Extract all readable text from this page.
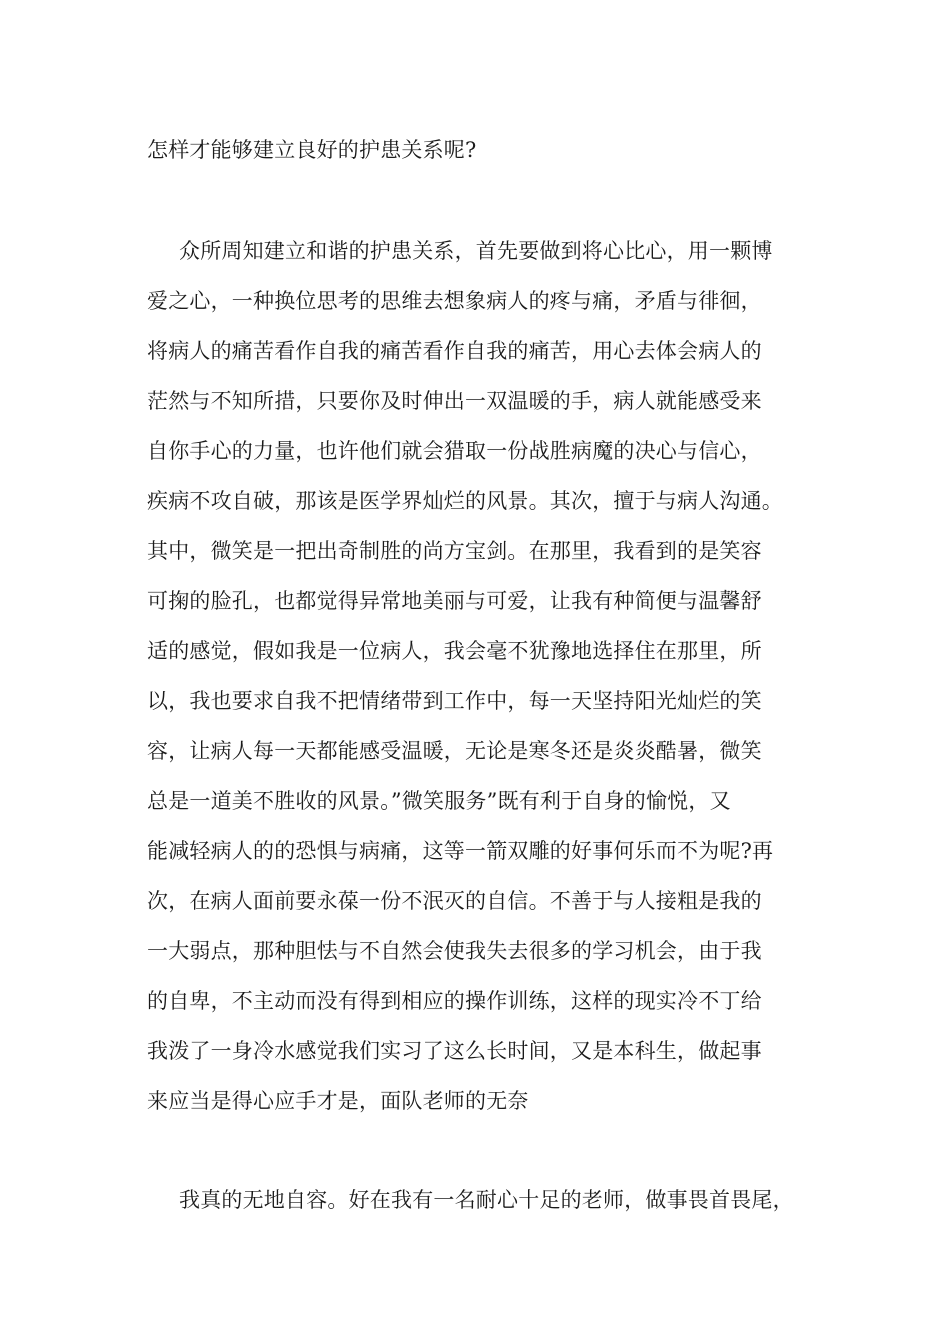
怎样才能够建立良好的护患关系呢?
众所周知建立和谐的护患关系，首先要做到将心比心，用一颗博
爱之心，一种换位思考的思维去想象病人的疼与痛，矛盾与徘徊，
将病人的痛苦看作自我的痛苦看作自我的痛苦，用心去体会病人的
茫然与不知所措，只要你及时伸出一双温暖的手，病人就能感受来
自你手心的力量，也许他们就会猎取一份战胜病魔的决心与信心，
疾病不攻自破，那该是医学界灿烂的风景。其次，擅于与病人沟通。
其中，微笑是一把出奇制胜的尚方宝剑。在那里，我看到的是笑容
可掬的脸孔，也都觉得异常地美丽与可爱，让我有种简便与温馨舒
适的感觉，假如我是一位病人，我会毫不犹豫地选择住在那里，所
以，我也要求自我不把情绪带到工作中，每一天坚持阳光灿烂的笑
容，让病人每一天都能感受温暖，无论是寒冬还是炎炎酷暑，微笑
总是一道美不胜收的风景。”微笑服务”既有利于自身的愉悦，又
能减轻病人的的恐惧与病痛，这等一箭双雕的好事何乐而不为呢?再
次，在病人面前要永葆一份不泯灭的自信。不善于与人接粗是我的
一大弱点，那种胆怯与不自然会使我失去很多的学习机会，由于我
的自卑，不主动而没有得到相应的操作训练，这样的现实冷不丁给
我泼了一身冷水感觉我们实习了这么长时间，又是本科生，做起事
来应当是得心应手才是，面队老师的无奈
我真的无地自容。好在我有一名耐心十足的老师，做事畏首畏尾，
